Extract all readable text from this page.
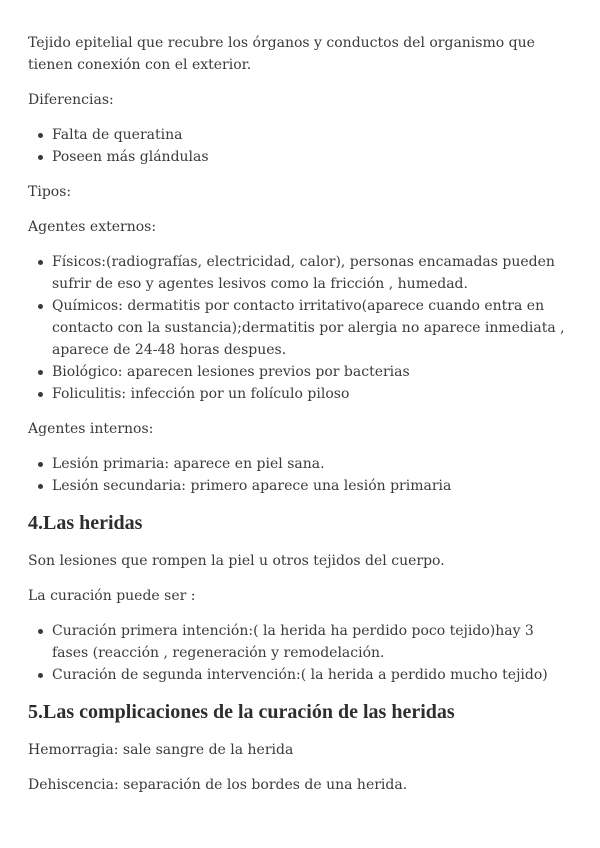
Tejido epitelial que recubre los órganos y conductos del organismo que tienen conexión con el exterior.

Diferencias:

Falta de queratina
Poseen más glándulas

Tipos:

Agentes externos:

Físicos:(radiografías, electricidad, calor), personas encamadas pueden sufrir de eso y agentes lesivos como la fricción , humedad.
Químicos: dermatitis por contacto irritativo(aparece cuando entra en contacto con la sustancia);dermatitis por alergia no aparece inmediata , aparece de 24-48 horas despues.
Biológico: aparecen lesiones previos por bacterias
Foliculitis: infección por un folículo piloso

Agentes internos:

Lesión primaria: aparece en piel sana.
Lesión secundaria: primero aparece una lesión primaria
4.Las heridas

Son lesiones que rompen la piel u otros tejidos del cuerpo.

La curación puede ser :

Curación primera intención:( la herida ha perdido poco tejido)hay 3 fases (reacción , regeneración y remodelación.
Curación de segunda intervención:( la herida a perdido mucho tejido)
5.Las complicaciones de la curación de las heridas

Hemorragia: sale sangre de la herida

Dehiscencia: separación de los bordes de una herida.
